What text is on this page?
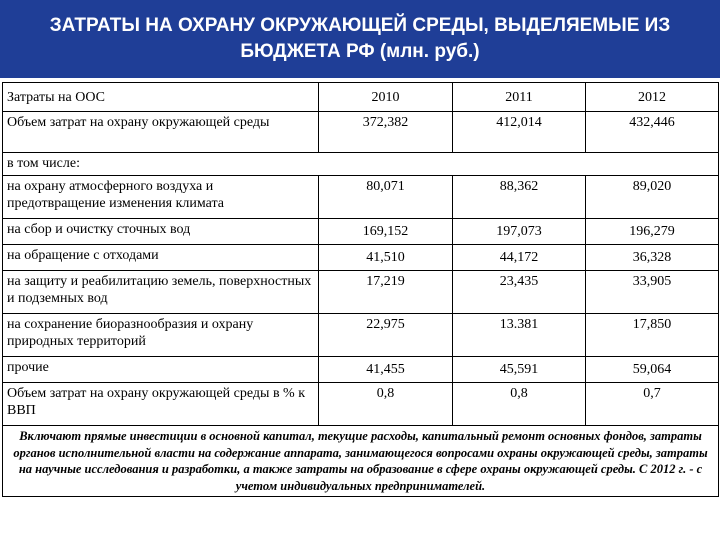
ЗАТРАТЫ НА ОХРАНУ ОКРУЖАЮЩЕЙ СРЕДЫ, ВЫДЕЛЯЕМЫЕ ИЗ
БЮДЖЕТА РФ (млн. руб.)
Затраты на ООС	2010	2011	2012
Объем затрат на охрану окружающей среды	372,382	412,014	432,446
в том числе:			
на охрану атмосферного воздуха и предотвращение изменения климата	80,071	88,362	89,020
на сбор и очистку сточных вод	169,152	197,073	196,279
на обращение с отходами	41,510	44,172	36,328
на защиту и реабилитацию земель, поверхностных и подземных вод	17,219	23,435	33,905
на сохранение биоразнообразия и охрану природных территорий	22,975	13.381	17,850
прочие	41,455	45,591	59,064
Объем затрат на охрану окружающей среды в % к ВВП	0,8	0,8	0,7
Включают прямые инвестиции в основной капитал, текущие расходы, капитальный ремонт основных фондов, затраты органов исполнительной власти на содержание аппарата, занимающегося вопросами охраны окружающей среды, затраты на научные исследования и разработки, а также затраты на образование в сфере охраны окружающей среды. С 2012 г. - с учетом индивидуальных предпринимателей.			
